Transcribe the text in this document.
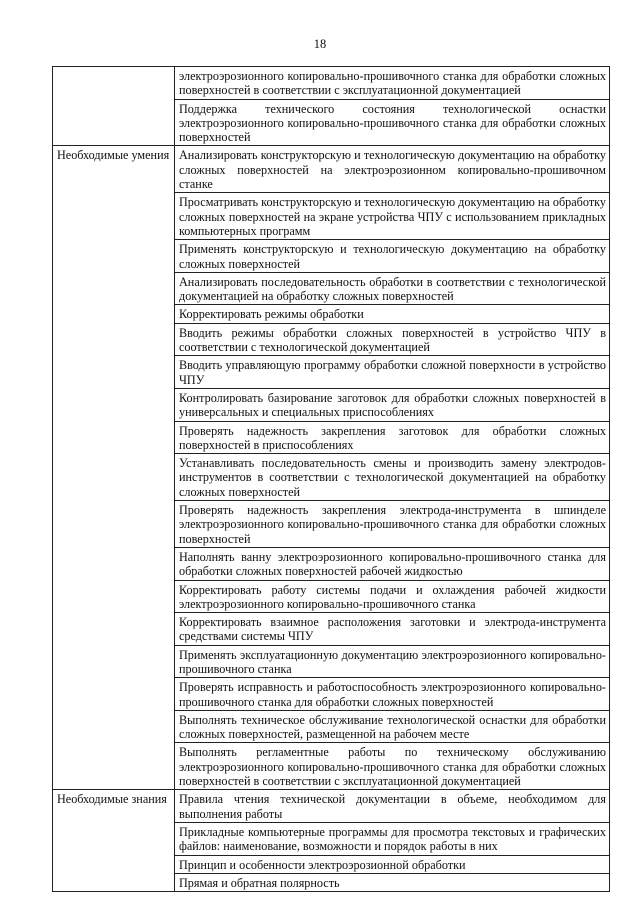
18
	электроэрозионного копировально-прошивочного станка для обработки сложных поверхностей в соответствии с эксплуатационной документацией
	Поддержка технического состояния технологической оснастки электроэрозионного копировально-прошивочного станка для обработки сложных поверхностей
Необходимые умения	Анализировать конструкторскую и технологическую документацию на обработку сложных поверхностей на электроэрозионном копировально-прошивочном станке
	Просматривать конструкторскую и технологическую документацию на обработку сложных поверхностей на экране устройства ЧПУ с использованием прикладных компьютерных программ
	Применять конструкторскую и технологическую документацию на обработку сложных поверхностей
	Анализировать последовательность обработки в соответствии с технологической документацией на обработку сложных поверхностей
	Корректировать режимы обработки
	Вводить режимы обработки сложных поверхностей в устройство ЧПУ в соответствии с технологической документацией
	Вводить управляющую программу обработки сложной поверхности в устройство ЧПУ
	Контролировать базирование заготовок для обработки сложных поверхностей в универсальных и специальных приспособлениях
	Проверять надежность закрепления заготовок для обработки сложных поверхностей в приспособлениях
	Устанавливать последовательность смены и производить замену электродов-инструментов в соответствии с технологической документацией на обработку сложных поверхностей
	Проверять надежность закрепления электрода-инструмента в шпинделе электроэрозионного копировально-прошивочного станка для обработки сложных поверхностей
	Наполнять ванну электроэрозионного копировально-прошивочного станка для обработки сложных поверхностей рабочей жидкостью
	Корректировать работу системы подачи и охлаждения рабочей жидкости электроэрозионного копировально-прошивочного станка
	Корректировать взаимное расположения заготовки и электрода-инструмента средствами системы ЧПУ
	Применять эксплуатационную документацию электроэрозионного копировально-прошивочного станка
	Проверять исправность и работоспособность электроэрозионного копировально-прошивочного станка для обработки сложных поверхностей
	Выполнять техническое обслуживание технологической оснастки для обработки сложных поверхностей, размещенной на рабочем месте
	Выполнять регламентные работы по техническому обслуживанию электроэрозионного копировально-прошивочного станка для обработки сложных поверхностей в соответствии с эксплуатационной документацией
Необходимые знания	Правила чтения технической документации в объеме, необходимом для выполнения работы
	Прикладные компьютерные программы для просмотра текстовых и графических файлов: наименование, возможности и порядок работы в них
	Принцип и особенности электроэрозионной обработки
	Прямая и обратная полярность
